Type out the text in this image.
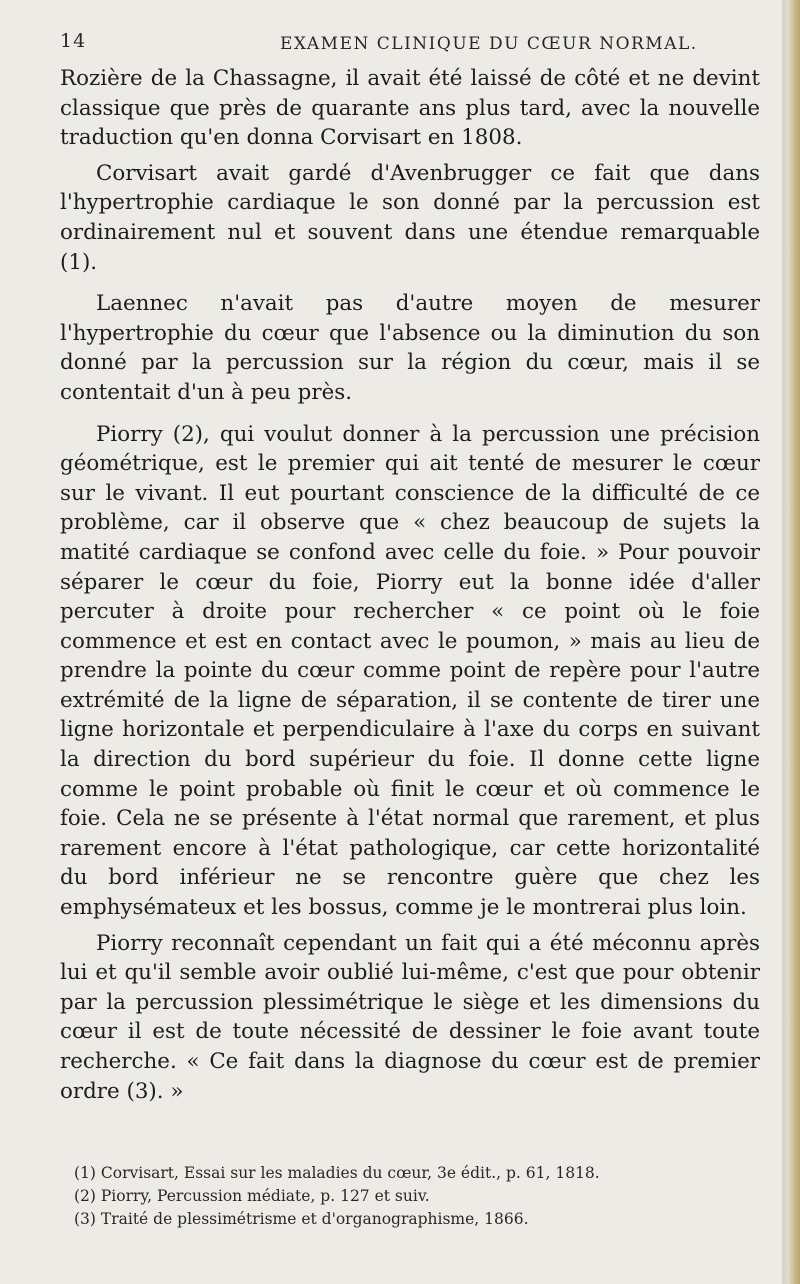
14	EXAMEN CLINIQUE DU CŒUR NORMAL.

Rozière de la Chassagne, il avait été laissé de côté et ne devint classique que près de quarante ans plus tard, avec la nouvelle traduction qu'en donna Corvisart en 1808.

Corvisart avait gardé d'Avenbrugger ce fait que dans l'hypertrophie cardiaque le son donné par la percussion est ordinairement nul et souvent dans une étendue remarquable (1).

Laennec n'avait pas d'autre moyen de mesurer l'hypertrophie du cœur que l'absence ou la diminution du son donné par la percussion sur la région du cœur, mais il se contentait d'un à peu près.

Piorry (2), qui voulut donner à la percussion une précision géométrique, est le premier qui ait tenté de mesurer le cœur sur le vivant. Il eut pourtant conscience de la difficulté de ce problème, car il observe que « chez beaucoup de sujets la matité cardiaque se confond avec celle du foie. » Pour pouvoir séparer le cœur du foie, Piorry eut la bonne idée d'aller percuter à droite pour rechercher « ce point où le foie commence et est en contact avec le poumon, » mais au lieu de prendre la pointe du cœur comme point de repère pour l'autre extrémité de la ligne de séparation, il se contente de tirer une ligne horizontale et perpendiculaire à l'axe du corps en suivant la direction du bord supérieur du foie. Il donne cette ligne comme le point probable où finit le cœur et où commence le foie. Cela ne se présente à l'état normal que rarement, et plus rarement encore à l'état pathologique, car cette horizontalité du bord inférieur ne se rencontre guère que chez les emphysémateux et les bossus, comme je le montrerai plus loin.

Piorry reconnaît cependant un fait qui a été méconnu après lui et qu'il semble avoir oublié lui-même, c'est que pour obtenir par la percussion plessimétrique le siège et les dimensions du cœur il est de toute nécessité de dessiner le foie avant toute recherche. « Ce fait dans la diagnose du cœur est de premier ordre (3). »

(1) Corvisart, Essai sur les maladies du cœur, 3e édit., p. 61, 1818.

(2) Piorry, Percussion médiate, p. 127 et suiv.

(3) Traité de plessimétrisme et d'organographisme, 1866.
